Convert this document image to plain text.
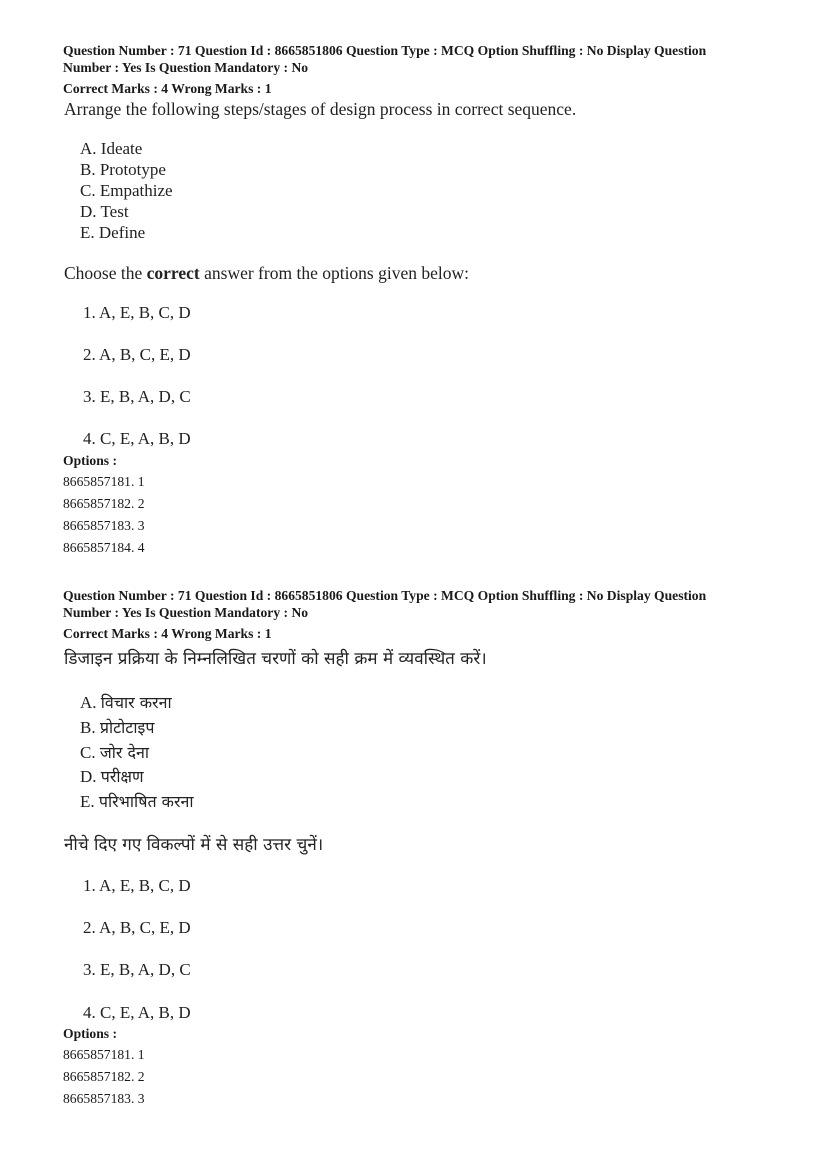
Question Number : 71 Question Id : 8665851806 Question Type : MCQ Option Shuffling : No Display Question
Number : Yes Is Question Mandatory : No
Correct Marks : 4 Wrong Marks : 1
Arrange the following steps/stages of design process in correct sequence.
A. Ideate
B. Prototype
C. Empathize
D. Test
E. Define
Choose the correct answer from the options given below:
1. A, E, B, C, D
2. A, B, C, E, D
3. E, B, A, D, C
4. C, E, A, B, D
Options :
8665857181. 1
8665857182. 2
8665857183. 3
8665857184. 4
Question Number : 71 Question Id : 8665851806 Question Type : MCQ Option Shuffling : No Display Question
Number : Yes Is Question Mandatory : No
Correct Marks : 4 Wrong Marks : 1
डिजाइन प्रक्रिया के निम्नलिखित चरणों को सही क्रम में व्यवस्थित करें।
A. विचार करना
B. प्रोटोटाइप
C. जोर देना
D. परीक्षण
E. परिभाषित करना
नीचे दिए गए विकल्पों में से सही उत्तर चुनें।
1. A, E, B, C, D
2. A, B, C, E, D
3. E, B, A, D, C
4. C, E, A, B, D
Options :
8665857181. 1
8665857182. 2
8665857183. 3
